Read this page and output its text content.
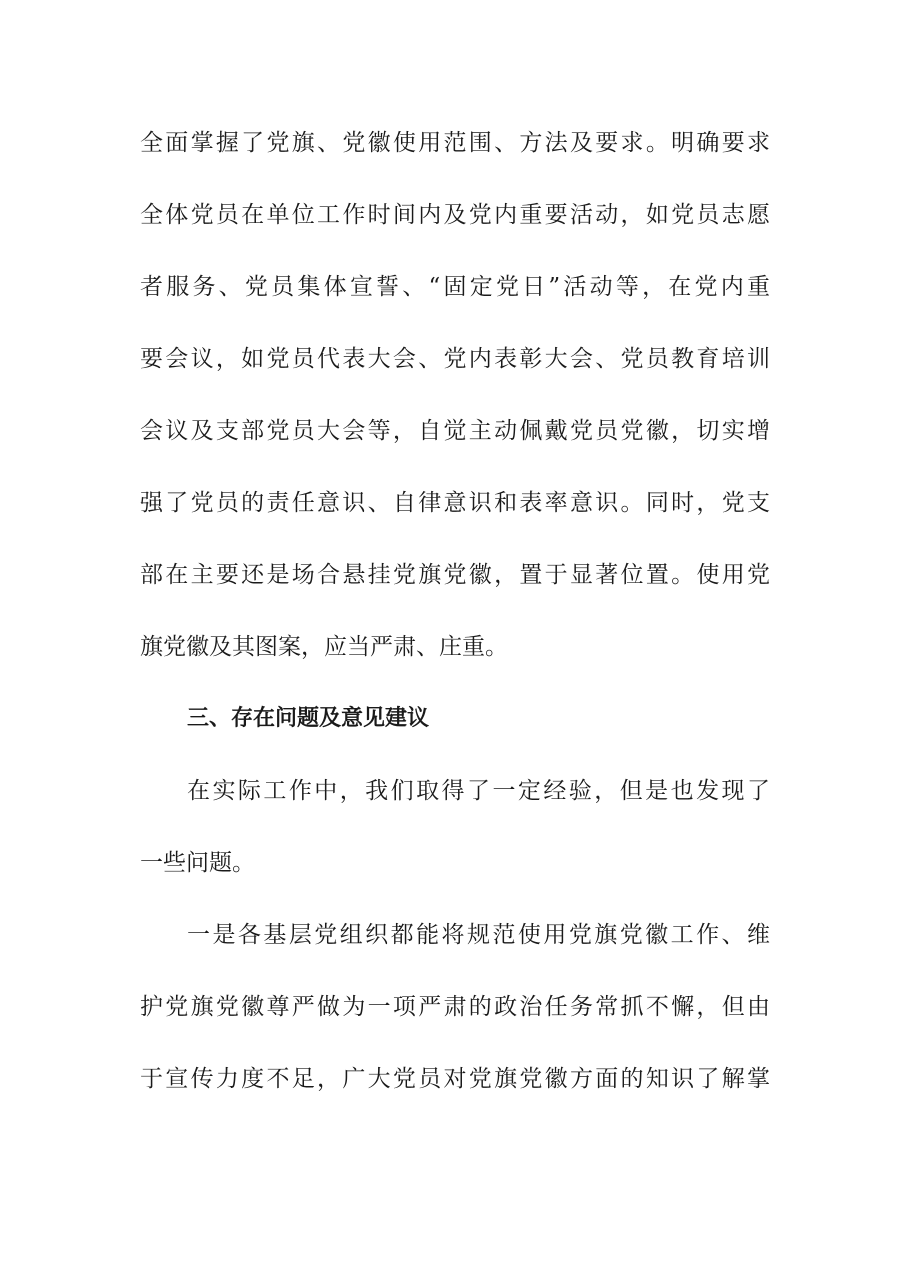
全面掌握了党旗、党徽使用范围、方法及要求。明确要求
全体党员在单位工作时间内及党内重要活动，如党员志愿
者服务、党员集体宣誓、“固定党日”活动等，在党内重
要会议，如党员代表大会、党内表彰大会、党员教育培训
会议及支部党员大会等，自觉主动佩戴党员党徽，切实增
强了党员的责任意识、自律意识和表率意识。同时，党支
部在主要还是场合悬挂党旗党徽，置于显著位置。使用党
旗党徽及其图案，应当严肃、庄重。
三、存在问题及意见建议
在实际工作中，我们取得了一定经验，但是也发现了
一些问题。
一是各基层党组织都能将规范使用党旗党徽工作、维
护党旗党徽尊严做为一项严肃的政治任务常抓不懈，但由
于宣传力度不足，广大党员对党旗党徽方面的知识了解掌
